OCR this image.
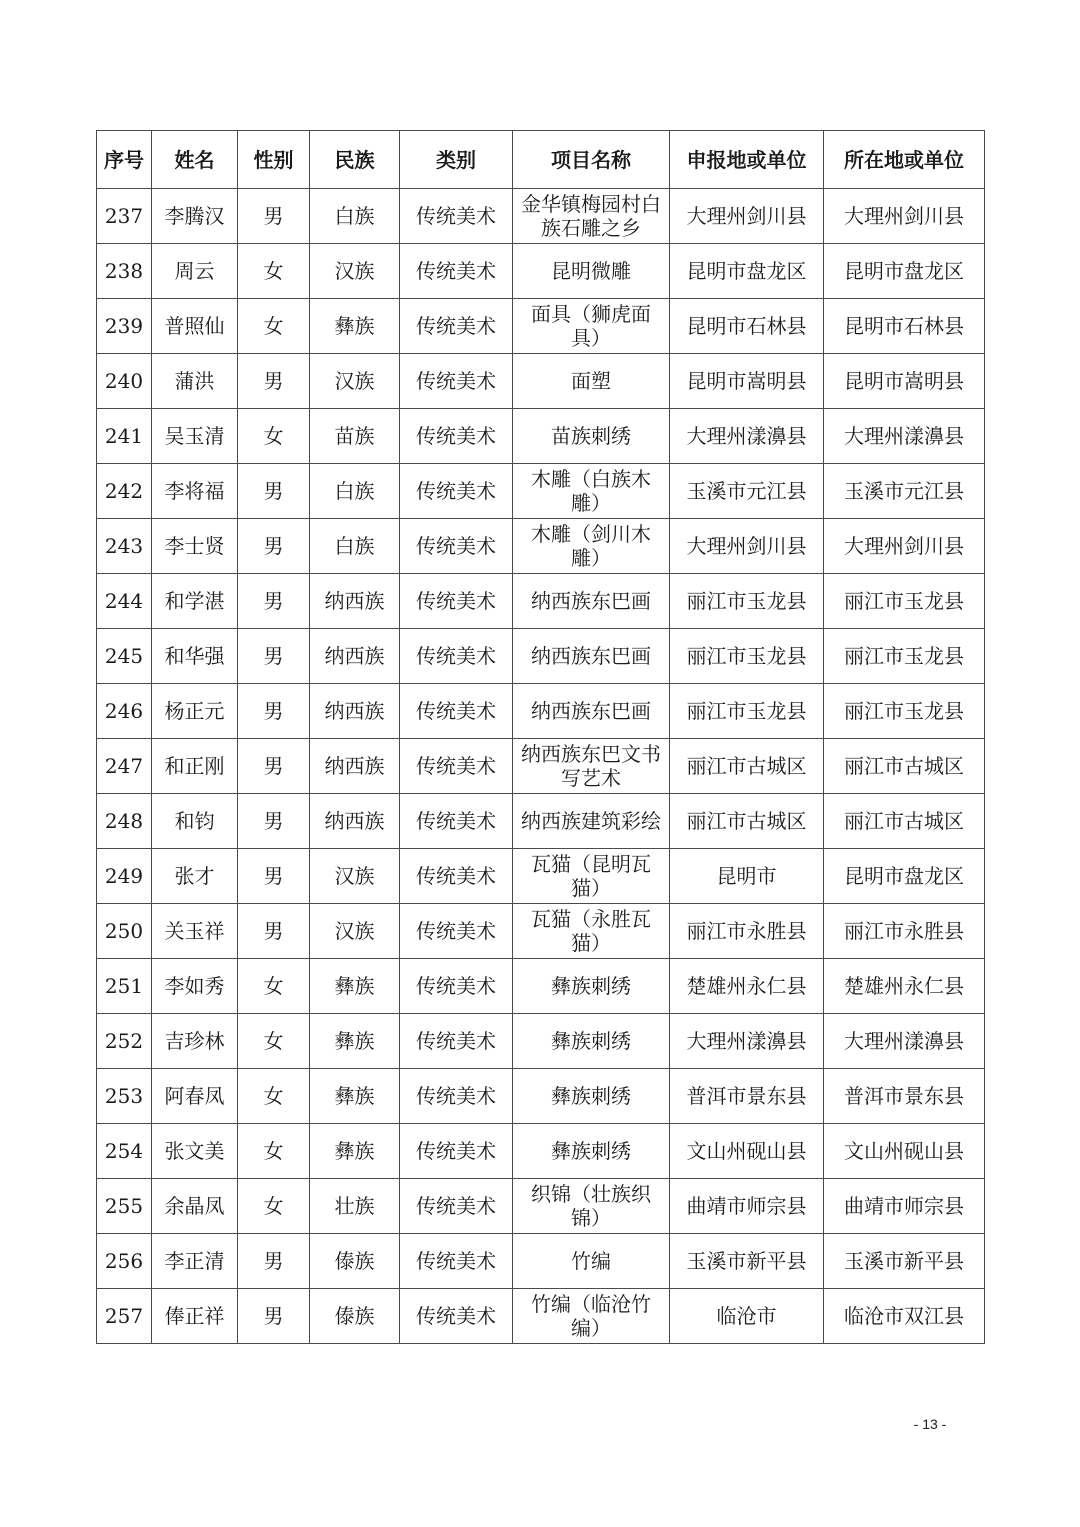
序号	姓名	性别	民族	类别	项目名称	申报地或单位	所在地或单位
237	李腾汉	男	白族	传统美术	金华镇梅园村白族石雕之乡	大理州剑川县	大理州剑川县
238	周云	女	汉族	传统美术	昆明微雕	昆明市盘龙区	昆明市盘龙区
239	普照仙	女	彝族	传统美术	面具（狮虎面具）	昆明市石林县	昆明市石林县
240	蒲洪	男	汉族	传统美术	面塑	昆明市嵩明县	昆明市嵩明县
241	吴玉清	女	苗族	传统美术	苗族刺绣	大理州漾濞县	大理州漾濞县
242	李将福	男	白族	传统美术	木雕（白族木雕）	玉溪市元江县	玉溪市元江县
243	李士贤	男	白族	传统美术	木雕（剑川木雕）	大理州剑川县	大理州剑川县
244	和学湛	男	纳西族	传统美术	纳西族东巴画	丽江市玉龙县	丽江市玉龙县
245	和华强	男	纳西族	传统美术	纳西族东巴画	丽江市玉龙县	丽江市玉龙县
246	杨正元	男	纳西族	传统美术	纳西族东巴画	丽江市玉龙县	丽江市玉龙县
247	和正刚	男	纳西族	传统美术	纳西族东巴文书写艺术	丽江市古城区	丽江市古城区
248	和钧	男	纳西族	传统美术	纳西族建筑彩绘	丽江市古城区	丽江市古城区
249	张才	男	汉族	传统美术	瓦猫（昆明瓦猫）	昆明市	昆明市盘龙区
250	关玉祥	男	汉族	传统美术	瓦猫（永胜瓦猫）	丽江市永胜县	丽江市永胜县
251	李如秀	女	彝族	传统美术	彝族刺绣	楚雄州永仁县	楚雄州永仁县
252	吉珍林	女	彝族	传统美术	彝族刺绣	大理州漾濞县	大理州漾濞县
253	阿春凤	女	彝族	传统美术	彝族刺绣	普洱市景东县	普洱市景东县
254	张文美	女	彝族	传统美术	彝族刺绣	文山州砚山县	文山州砚山县
255	余晶凤	女	壮族	传统美术	织锦（壮族织锦）	曲靖市师宗县	曲靖市师宗县
256	李正清	男	傣族	传统美术	竹编	玉溪市新平县	玉溪市新平县
257	俸正祥	男	傣族	传统美术	竹编（临沧竹编）	临沧市	临沧市双江县
- 13 -
